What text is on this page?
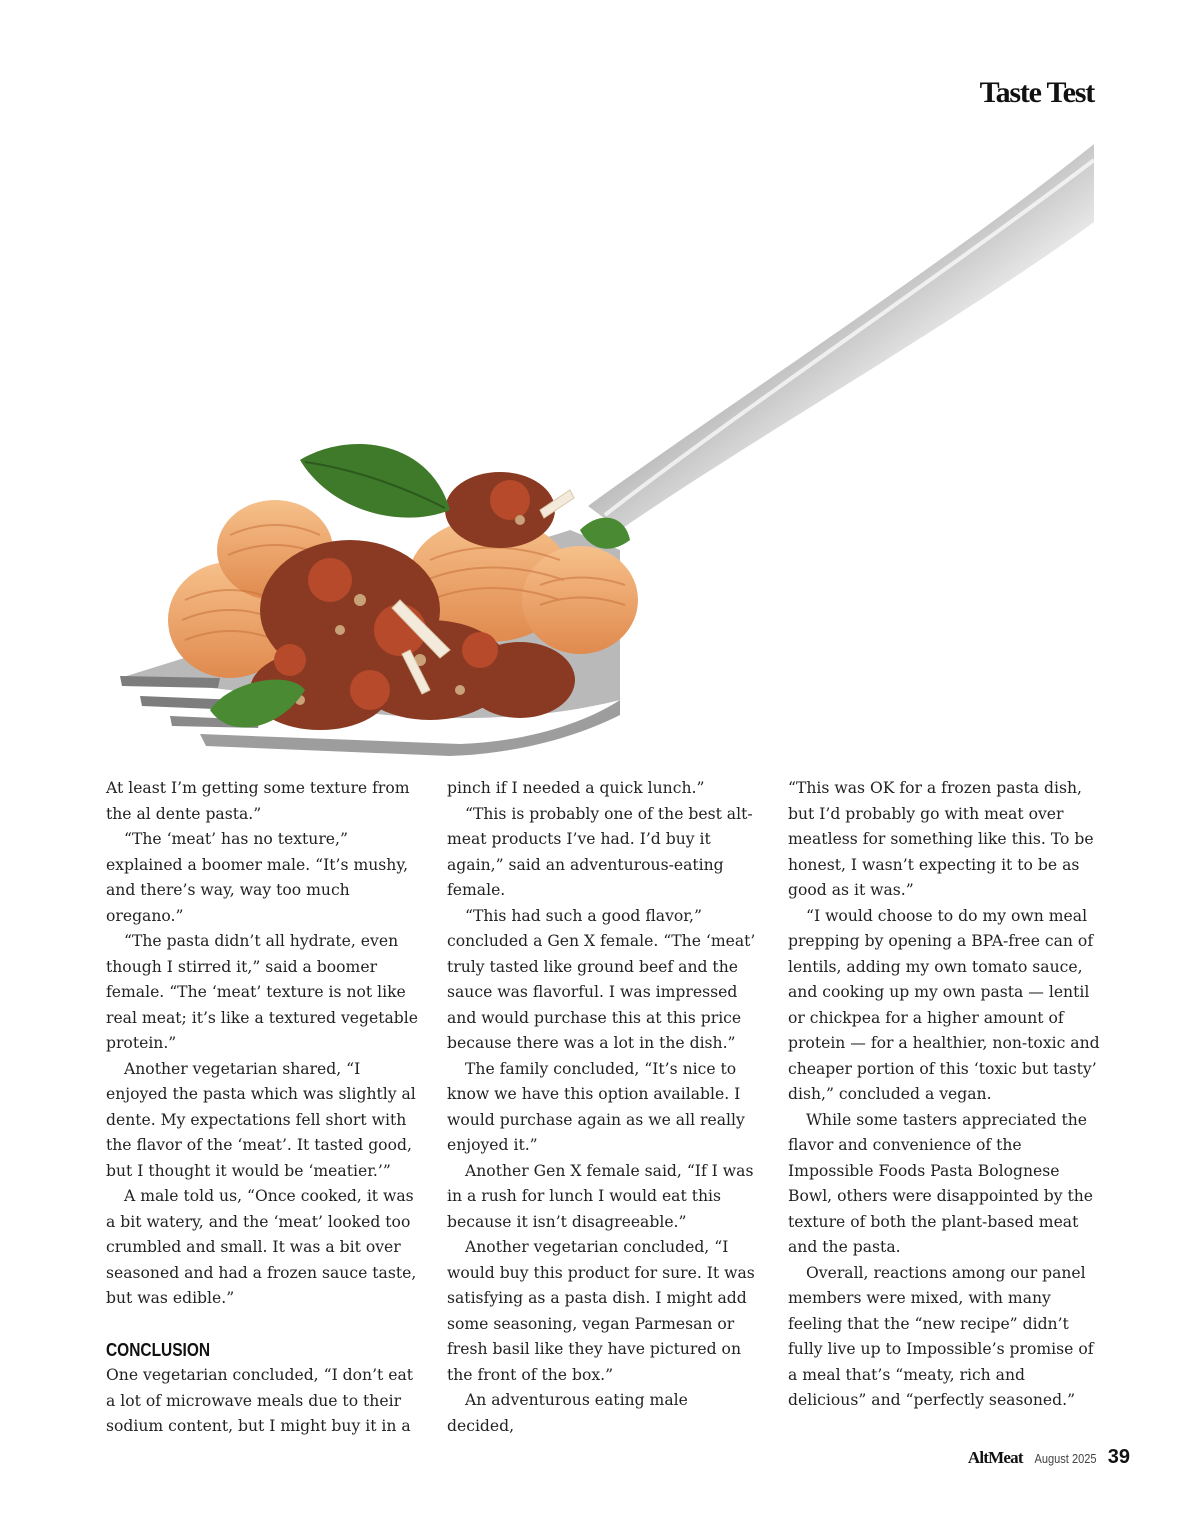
Taste Test

At least I’m getting some texture from the al dente pasta.”

“The ‘meat’ has no texture,” explained a boomer male. “It’s mushy, and there’s way, way too much oregano.”

“The pasta didn’t all hydrate, even though I stirred it,” said a boomer female. “The ‘meat’ texture is not like real meat; it’s like a textured vegetable protein.”

Another vegetarian shared, “I enjoyed the pasta which was slightly al dente. My expectations fell short with the flavor of the ‘meat’. It tasted good, but I thought it would be ‘meatier.’”

A male told us, “Once cooked, it was a bit watery, and the ‘meat’ looked too crumbled and small. It was a bit over seasoned and had a frozen sauce taste, but was edible.”

CONCLUSION

One vegetarian concluded, “I don’t eat a lot of microwave meals due to their sodium content, but I might buy it in a

pinch if I needed a quick lunch.”

“This is probably one of the best alt-meat products I’ve had. I’d buy it again,” said an adventurous-eating female.

“This had such a good flavor,” concluded a Gen X female. “The ‘meat’ truly tasted like ground beef and the sauce was flavorful. I was impressed and would purchase this at this price because there was a lot in the dish.”

The family concluded, “It’s nice to know we have this option available. I would purchase again as we all really enjoyed it.”

Another Gen X female said, “If I was in a rush for lunch I would eat this because it isn’t disagreeable.”

Another vegetarian concluded, “I would buy this product for sure. It was satisfying as a pasta dish. I might add some seasoning, vegan Parmesan or fresh basil like they have pictured on the front of the box.”

An adventurous eating male decided,

“This was OK for a frozen pasta dish, but I’d probably go with meat over meatless for something like this. To be honest, I wasn’t expecting it to be as good as it was.”

“I would choose to do my own meal prepping by opening a BPA-free can of lentils, adding my own tomato sauce, and cooking up my own pasta — lentil or chickpea for a higher amount of protein — for a healthier, non-toxic and cheaper portion of this ‘toxic but tasty’ dish,” concluded a vegan.

While some tasters appreciated the flavor and convenience of the Impossible Foods Pasta Bolognese Bowl, others were disappointed by the texture of both the plant-based meat and the pasta.

Overall, reactions among our panel members were mixed, with many feeling that the “new recipe” didn’t fully live up to Impossible’s promise of a meal that’s “meaty, rich and delicious” and “perfectly seasoned.”

AltMeat August 2025 39
